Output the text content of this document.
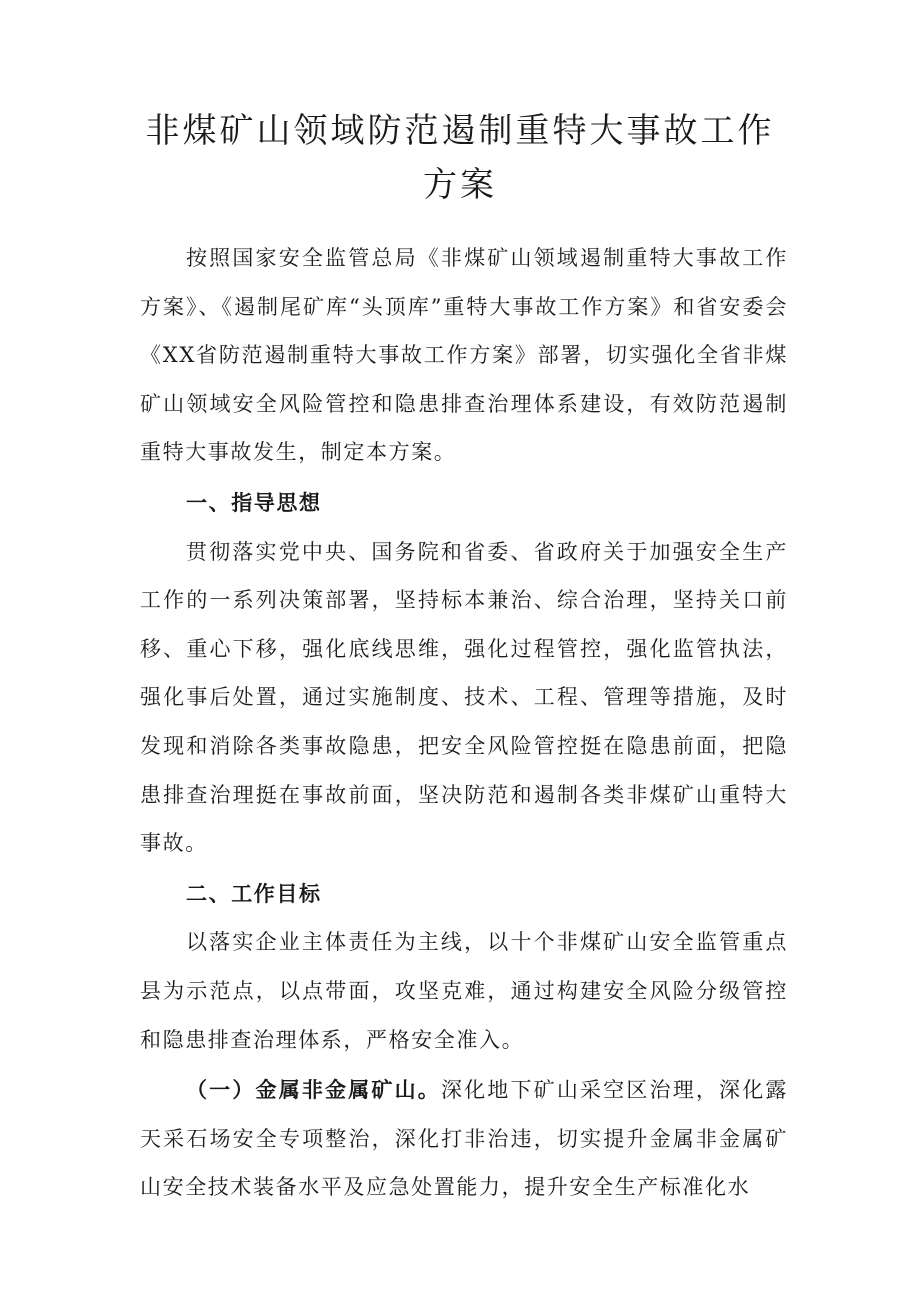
非煤矿山领域防范遏制重特大事故工作方案

按照国家安全监管总局《非煤矿山领域遏制重特大事故工作方案》、《遏制尾矿库“头顶库”重特大事故工作方案》和省安委会《XX省防范遏制重特大事故工作方案》部署，切实强化全省非煤矿山领域安全风险管控和隐患排查治理体系建设，有效防范遏制重特大事故发生，制定本方案。

一、指导思想

贯彻落实党中央、国务院和省委、省政府关于加强安全生产工作的一系列决策部署，坚持标本兼治、综合治理，坚持关口前移、重心下移，强化底线思维，强化过程管控，强化监管执法，强化事后处置，通过实施制度、技术、工程、管理等措施，及时发现和消除各类事故隐患，把安全风险管控挺在隐患前面，把隐患排查治理挺在事故前面，坚决防范和遏制各类非煤矿山重特大事故。

二、工作目标

以落实企业主体责任为主线，以十个非煤矿山安全监管重点县为示范点，以点带面，攻坚克难，通过构建安全风险分级管控和隐患排查治理体系，严格安全准入。

（一）金属非金属矿山。深化地下矿山采空区治理，深化露天采石场安全专项整治，深化打非治违，切实提升金属非金属矿山安全技术装备水平及应急处置能力，提升安全生产标准化水
